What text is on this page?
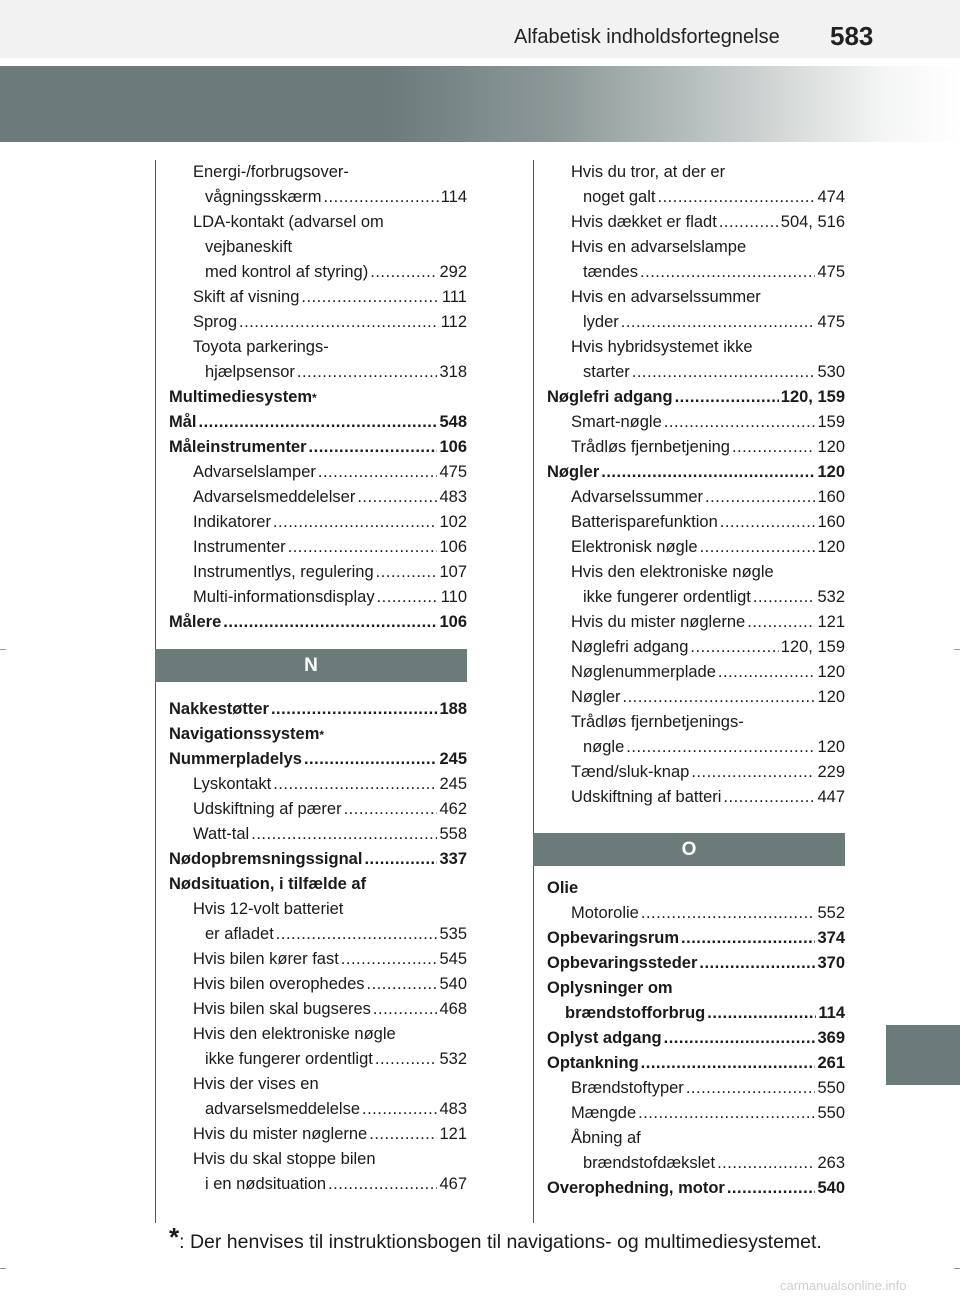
Alfabetisk indholdsfortegnelse 583
Energi-/forbrugsover-
vågningsskærm .....	114
LDA-kontakt (advarsel om
vejbaneskift
med kontrol af styring) .....	292
Skift af visning .....	111
Sprog .....	112
Toyota parkerings-
hjælpsensor .....	318
Multimediesystem *
Mål .....	548
Måleinstrumenter .....	106
Advarselslamper .....	475
Advarselsmeddelelser .....	483
Indikatorer .....	102
Instrumenter .....	106
Instrumentlys, regulering .....	107
Multi-informationsdisplay .....	110
Målere .....	106
N
Nakkestøtter .....	188
Navigationssystem *
Nummerpladelys .....	245
Lyskontakt .....	245
Udskiftning af pærer .....	462
Watt-tal .....	558
Nødopbremsningssignal .....	337
Nødsituation, i tilfælde af
Hvis 12-volt batteriet
er afladet .....	535
Hvis bilen kører fast .....	545
Hvis bilen overophedes .....	540
Hvis bilen skal bugseres .....	468
Hvis den elektroniske nøgle
ikke fungerer ordentligt .....	532
Hvis der vises en
advarselsmeddelelse .....	483
Hvis du mister nøglerne .....	121
Hvis du skal stoppe bilen
i en nødsituation .....	467
Hvis du tror, at der er
noget galt .....	474
Hvis dækket er fladt .....	504, 516
Hvis en advarselslampe
tændes .....	475
Hvis en advarselssummer
lyder .....	475
Hvis hybridsystemet ikke
starter .....	530
Nøglefri adgang .....	120, 159
Smart-nøgle .....	159
Trådløs fjernbetjening .....	120
Nøgler .....	120
Advarselssummer .....	160
Batterisparefunktion .....	160
Elektronisk nøgle .....	120
Hvis den elektroniske nøgle
ikke fungerer ordentligt .....	532
Hvis du mister nøglerne .....	121
Nøglefri adgang .....	120, 159
Nøglenummerplade .....	120
Nøgler .....	120
Trådløs fjernbetjenings-
nøgle .....	120
Tænd/sluk-knap .....	229
Udskiftning af batteri .....	447
O
Olie
Motorolie .....	552
Opbevaringsrum .....	374
Opbevaringssteder .....	370
Oplysninger om
brændstofforbrug .....	114
Oplyst adgang .....	369
Optankning .....	261
Brændstoftyper .....	550
Mængde .....	550
Åbning af
brændstofdækslet .....	263
Overophedning, motor .....	540
*: Der henvises til instruktionsbogen til navigations- og multimediesystemet.
carmanualsonline.info
